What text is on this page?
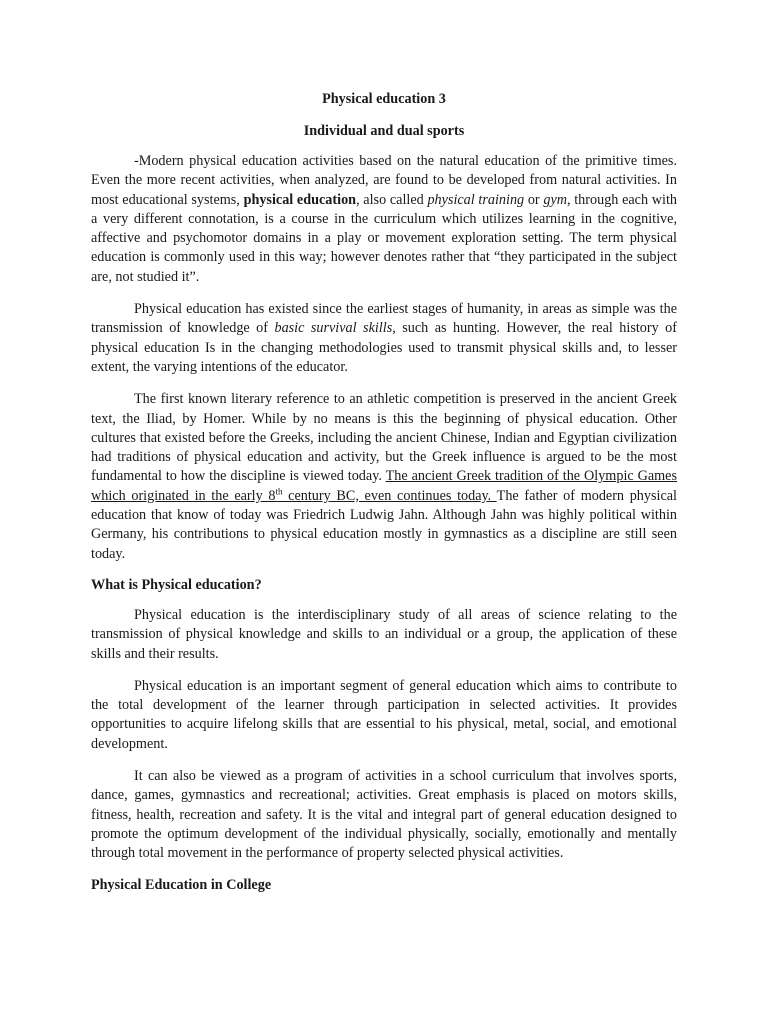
Physical education 3
Individual and dual sports

-Modern physical education activities based on the natural education of the primitive times. Even the more recent activities, when analyzed, are found to be developed from natural activities. In most educational systems, physical education, also called physical training or gym, through each with a very different connotation, is a course in the curriculum which utilizes learning in the cognitive, affective and psychomotor domains in a play or movement exploration setting. The term physical education is commonly used in this way; however denotes rather that “they participated in the subject are, not studied it”.

Physical education has existed since the earliest stages of humanity, in areas as simple was the transmission of knowledge of basic survival skills, such as hunting. However, the real history of physical education Is in the changing methodologies used to transmit physical skills and, to lesser extent, the varying intentions of the educator.

The first known literary reference to an athletic competition is preserved in the ancient Greek text, the Iliad, by Homer. While by no means is this the beginning of physical education. Other cultures that existed before the Greeks, including the ancient Chinese, Indian and Egyptian civilization had traditions of physical education and activity, but the Greek influence is argued to be the most fundamental to how the discipline is viewed today. The ancient Greek tradition of the Olympic Games which originated in the early 8th century BC, even continues today. The father of modern physical education that know of today was Friedrich Ludwig Jahn. Although Jahn was highly political within Germany, his contributions to physical education mostly in gymnastics as a discipline are still seen today.

What is Physical education?

Physical education is the interdisciplinary study of all areas of science relating to the transmission of physical knowledge and skills to an individual or a group, the application of these skills and their results.

Physical education is an important segment of general education which aims to contribute to the total development of the learner through participation in selected activities. It provides opportunities to acquire lifelong skills that are essential to his physical, metal, social, and emotional development.

It can also be viewed as a program of activities in a school curriculum that involves sports, dance, games, gymnastics and recreational; activities. Great emphasis is placed on motors skills, fitness, health, recreation and safety. It is the vital and integral part of general education designed to promote the optimum development of the individual physically, socially, emotionally and mentally through total movement in the performance of property selected physical activities.

Physical Education in College
